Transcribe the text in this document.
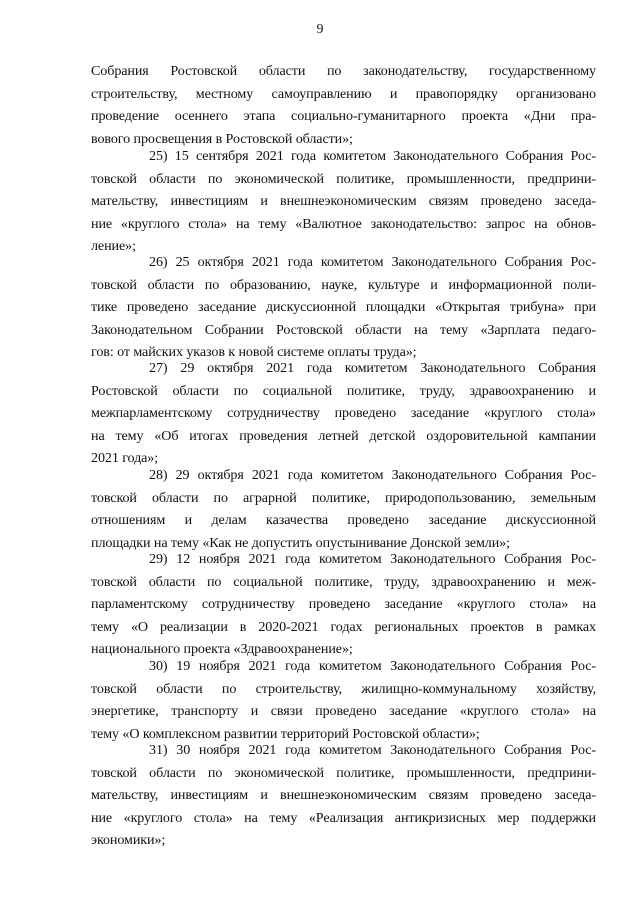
9
Собрания Ростовской области по законодательству, государственному
строительству, местному самоуправлению и правопорядку организовано
проведение осеннего этапа социально-гуманитарного проекта «Дни пра-
вового просвещения в Ростовской области»;
25) 15 сентября 2021 года комитетом Законодательного Собрания Рос-
товской области по экономической политике, промышленности, предприни-
мательству, инвестициям и внешнеэкономическим связям проведено заседа-
ние «круглого стола» на тему «Валютное законодательство: запрос на обнов-
ление»;
26) 25 октября 2021 года комитетом Законодательного Собрания Рос-
товской области по образованию, науке, культуре и информационной поли-
тике проведено заседание дискуссионной площадки «Открытая трибуна» при
Законодательном Собрании Ростовской области на тему «Зарплата педаго-
гов: от майских указов к новой системе оплаты труда»;
27) 29 октября 2021 года комитетом Законодательного Собрания
Ростовской области по социальной политике, труду, здравоохранению и
межпарламентскому сотрудничеству проведено заседание «круглого стола»
на тему «Об итогах проведения летней детской оздоровительной кампании
2021 года»;
28) 29 октября 2021 года комитетом Законодательного Собрания Рос-
товской области по аграрной политике, природопользованию, земельным
отношениям и делам казачества проведено заседание дискуссионной
площадки на тему «Как не допустить опустынивание Донской земли»;
29) 12 ноября 2021 года комитетом Законодательного Собрания Рос-
товской области по социальной политике, труду, здравоохранению и меж-
парламентскому сотрудничеству проведено заседание «круглого стола» на
тему «О реализации в 2020-2021 годах региональных проектов в рамках
национального проекта «Здравоохранение»;
30) 19 ноября 2021 года комитетом Законодательного Собрания Рос-
товской области по строительству, жилищно-коммунальному хозяйству,
энергетике, транспорту и связи проведено заседание «круглого стола» на
тему «О комплексном развитии территорий Ростовской области»;
31) 30 ноября 2021 года комитетом Законодательного Собрания Рос-
товской области по экономической политике, промышленности, предприни-
мательству, инвестициям и внешнеэкономическим связям проведено заседа-
ние «круглого стола» на тему «Реализация антикризисных мер поддержки
экономики»;
